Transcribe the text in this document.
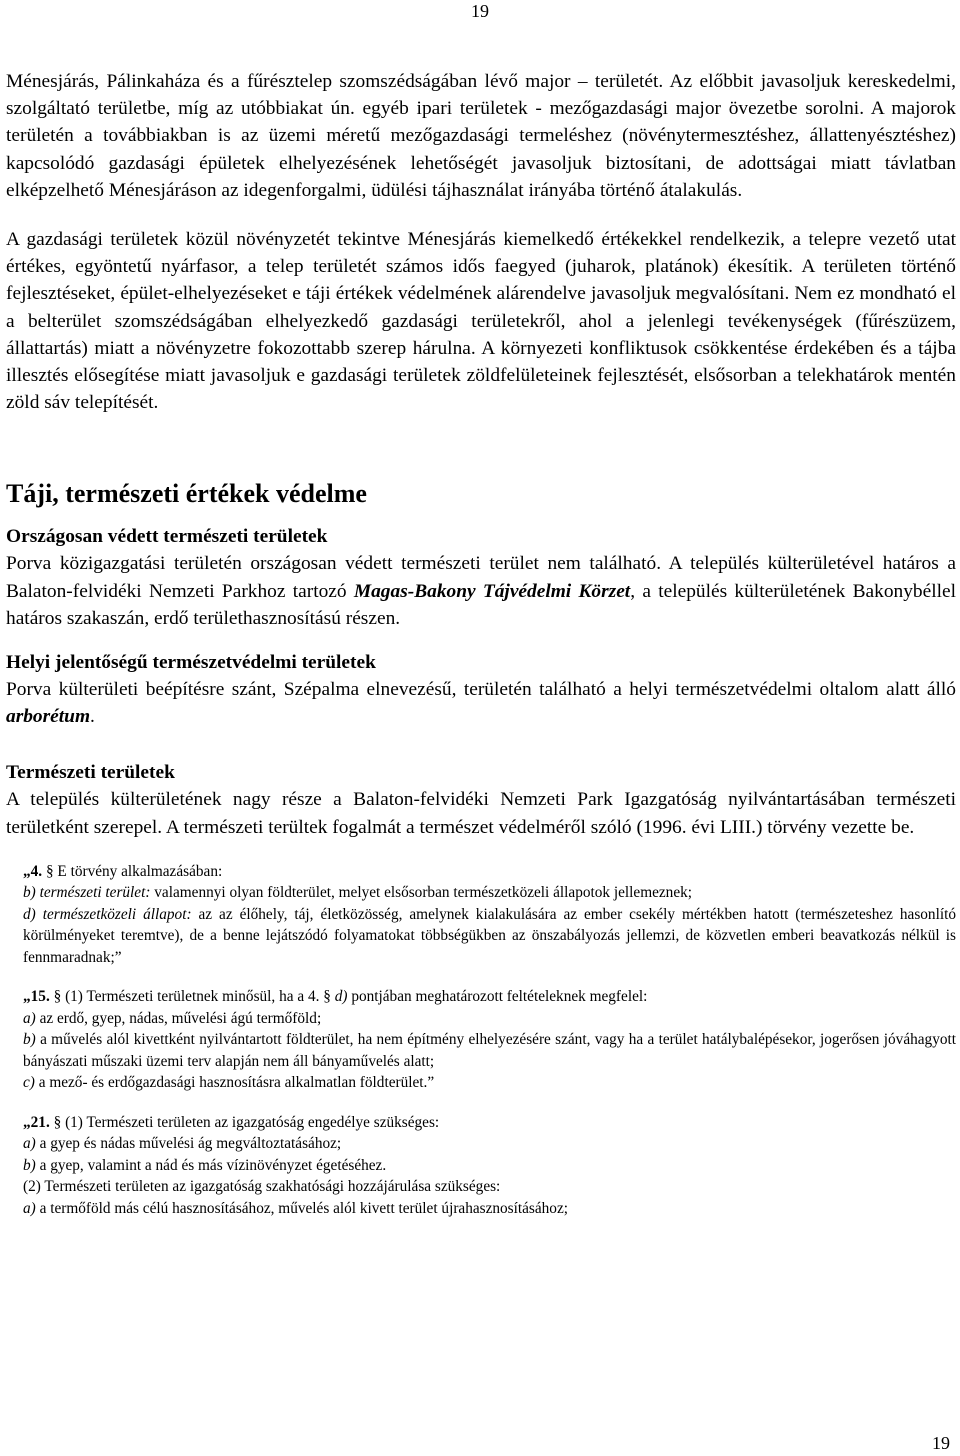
19

Ménesjárás, Pálinkaháza és a fűrésztelep szomszédságában lévő major – területét. Az előbbit javasoljuk kereskedelmi, szolgáltató területbe, míg az utóbbiakat ún. egyéb ipari területek - mezőgazdasági major övezetbe sorolni. A majorok területén a továbbiakban is az üzemi méretű mezőgazdasági termeléshez (növénytermesztéshez, állattenyésztéshez) kapcsolódó gazdasági épületek elhelyezésének lehetőségét javasoljuk biztosítani, de adottságai miatt távlatban elképzelhető Ménesjáráson az idegenforgalmi, üdülési tájhasználat irányába történő átalakulás.

A gazdasági területek közül növényzetét tekintve Ménesjárás kiemelkedő értékekkel rendelkezik, a telepre vezető utat értékes, egyöntetű nyárfasor, a telep területét számos idős faegyed (juharok, platánok) ékesítik. A területen történő fejlesztéseket, épület-elhelyezéseket e táji értékek védelmének alárendelve javasoljuk megvalósítani. Nem ez mondható el a belterület szomszédságában elhelyezkedő gazdasági területekről, ahol a jelenlegi tevékenységek (fűrészüzem, állattartás) miatt a növényzetre fokozottabb szerep hárulna. A környezeti konfliktusok csökkentése érdekében és a tájba illesztés elősegítése miatt javasoljuk e gazdasági területek zöldfelületeinek fejlesztését, elsősorban a telekhatárok mentén zöld sáv telepítését.

Táji, természeti értékek védelme
Országosan védett természeti területek

Porva közigazgatási területén országosan védett természeti terület nem található. A település külterületével határos a Balaton-felvidéki Nemzeti Parkhoz tartozó Magas-Bakony Tájvédelmi Körzet, a település külterületének Bakonybéllel határos szakaszán, erdő területhasznosítású részen.

Helyi jelentőségű természetvédelmi területek

Porva külterületi beépítésre szánt, Szépalma elnevezésű, területén található a helyi természetvédelmi oltalom alatt álló arborétum.

Természeti területek

A település külterületének nagy része a Balaton-felvidéki Nemzeti Park Igazgatóság nyilvántartásában természeti területként szerepel. A természeti terültek fogalmát a természet védelméről szóló (1996. évi LIII.) törvény vezette be.

„4. § E törvény alkalmazásában:
b) természeti terület: valamennyi olyan földterület, melyet elsősorban természetközeli állapotok jellemeznek;
d) természetközeli állapot: az az élőhely, táj, életközösség, amelynek kialakulására az ember csekély mértékben hatott (természeteshez hasonlító körülményeket teremtve), de a benne lejátszódó folyamatokat többségükben az önszabályozás jellemzi, de közvetlen emberi beavatkozás nélkül is fennmaradnak;”
„15. § (1) Természeti területnek minősül, ha a 4. § d) pontjában meghatározott feltételeknek megfelel:
a) az erdő, gyep, nádas, művelési ágú termőföld;
b) a művelés alól kivettként nyilvántartott földterület, ha nem építmény elhelyezésére szánt, vagy ha a terület hatálybalépésekor, jogerősen jóváhagyott bányászati műszaki üzemi terv alapján nem áll bányaművelés alatt;
c) a mező- és erdőgazdasági hasznosításra alkalmatlan földterület.”
„21. § (1) Természeti területen az igazgatóság engedélye szükséges:
a) a gyep és nádas művelési ág megváltoztatásához;
b) a gyep, valamint a nád és más vízinövényzet égetéséhez.
(2) Természeti területen az igazgatóság szakhatósági hozzájárulása szükséges:
a) a termőföld más célú hasznosításához, művelés alól kivett terület újrahasznosításához;
19
